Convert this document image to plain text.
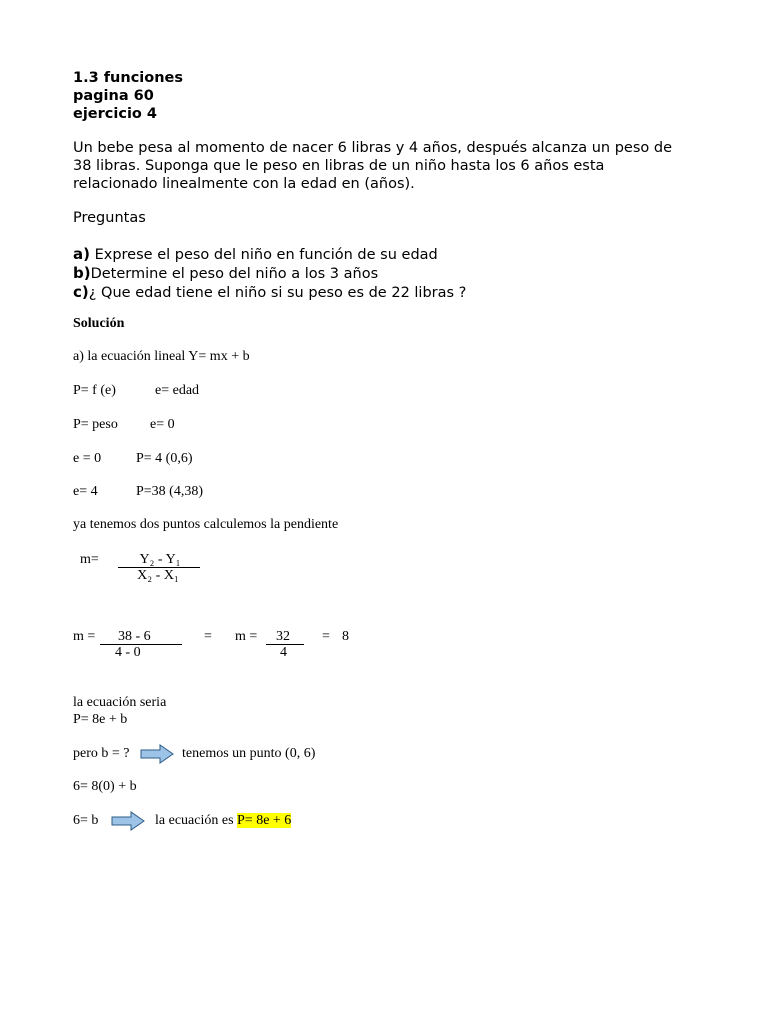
1.3 funciones
pagina 60
ejercicio 4
Un bebe pesa al momento de nacer 6 libras y 4 años, después alcanza un peso de 38 libras. Suponga que le peso en libras de un niño hasta los 6 años esta relacionado linealmente con la edad en (años).
Preguntas
a) Exprese el peso del niño en función de su edad
b)Determine el peso del niño a los 3 años
c)¿ Que edad tiene el niño si su peso es de 22 libras ?
Solución
a) la ecuación lineal Y= mx + b
P= f (e)	e= edad
P= peso e= 0
e = 0 P= 4 (0,6)
e= 4	P=38 (4,38)
ya tenemos dos puntos calculemos la pendiente
m=	Y₂ - Y₁
X₂ - X₁
m = 38 - 6
4 - 0
= m = 32
4
= 8
la ecuación seria
P= 8e + b
pero b = ?	tenemos un punto (0, 6)
6= 8(0) + b
6= b	la ecuación es P= 8e + 6
